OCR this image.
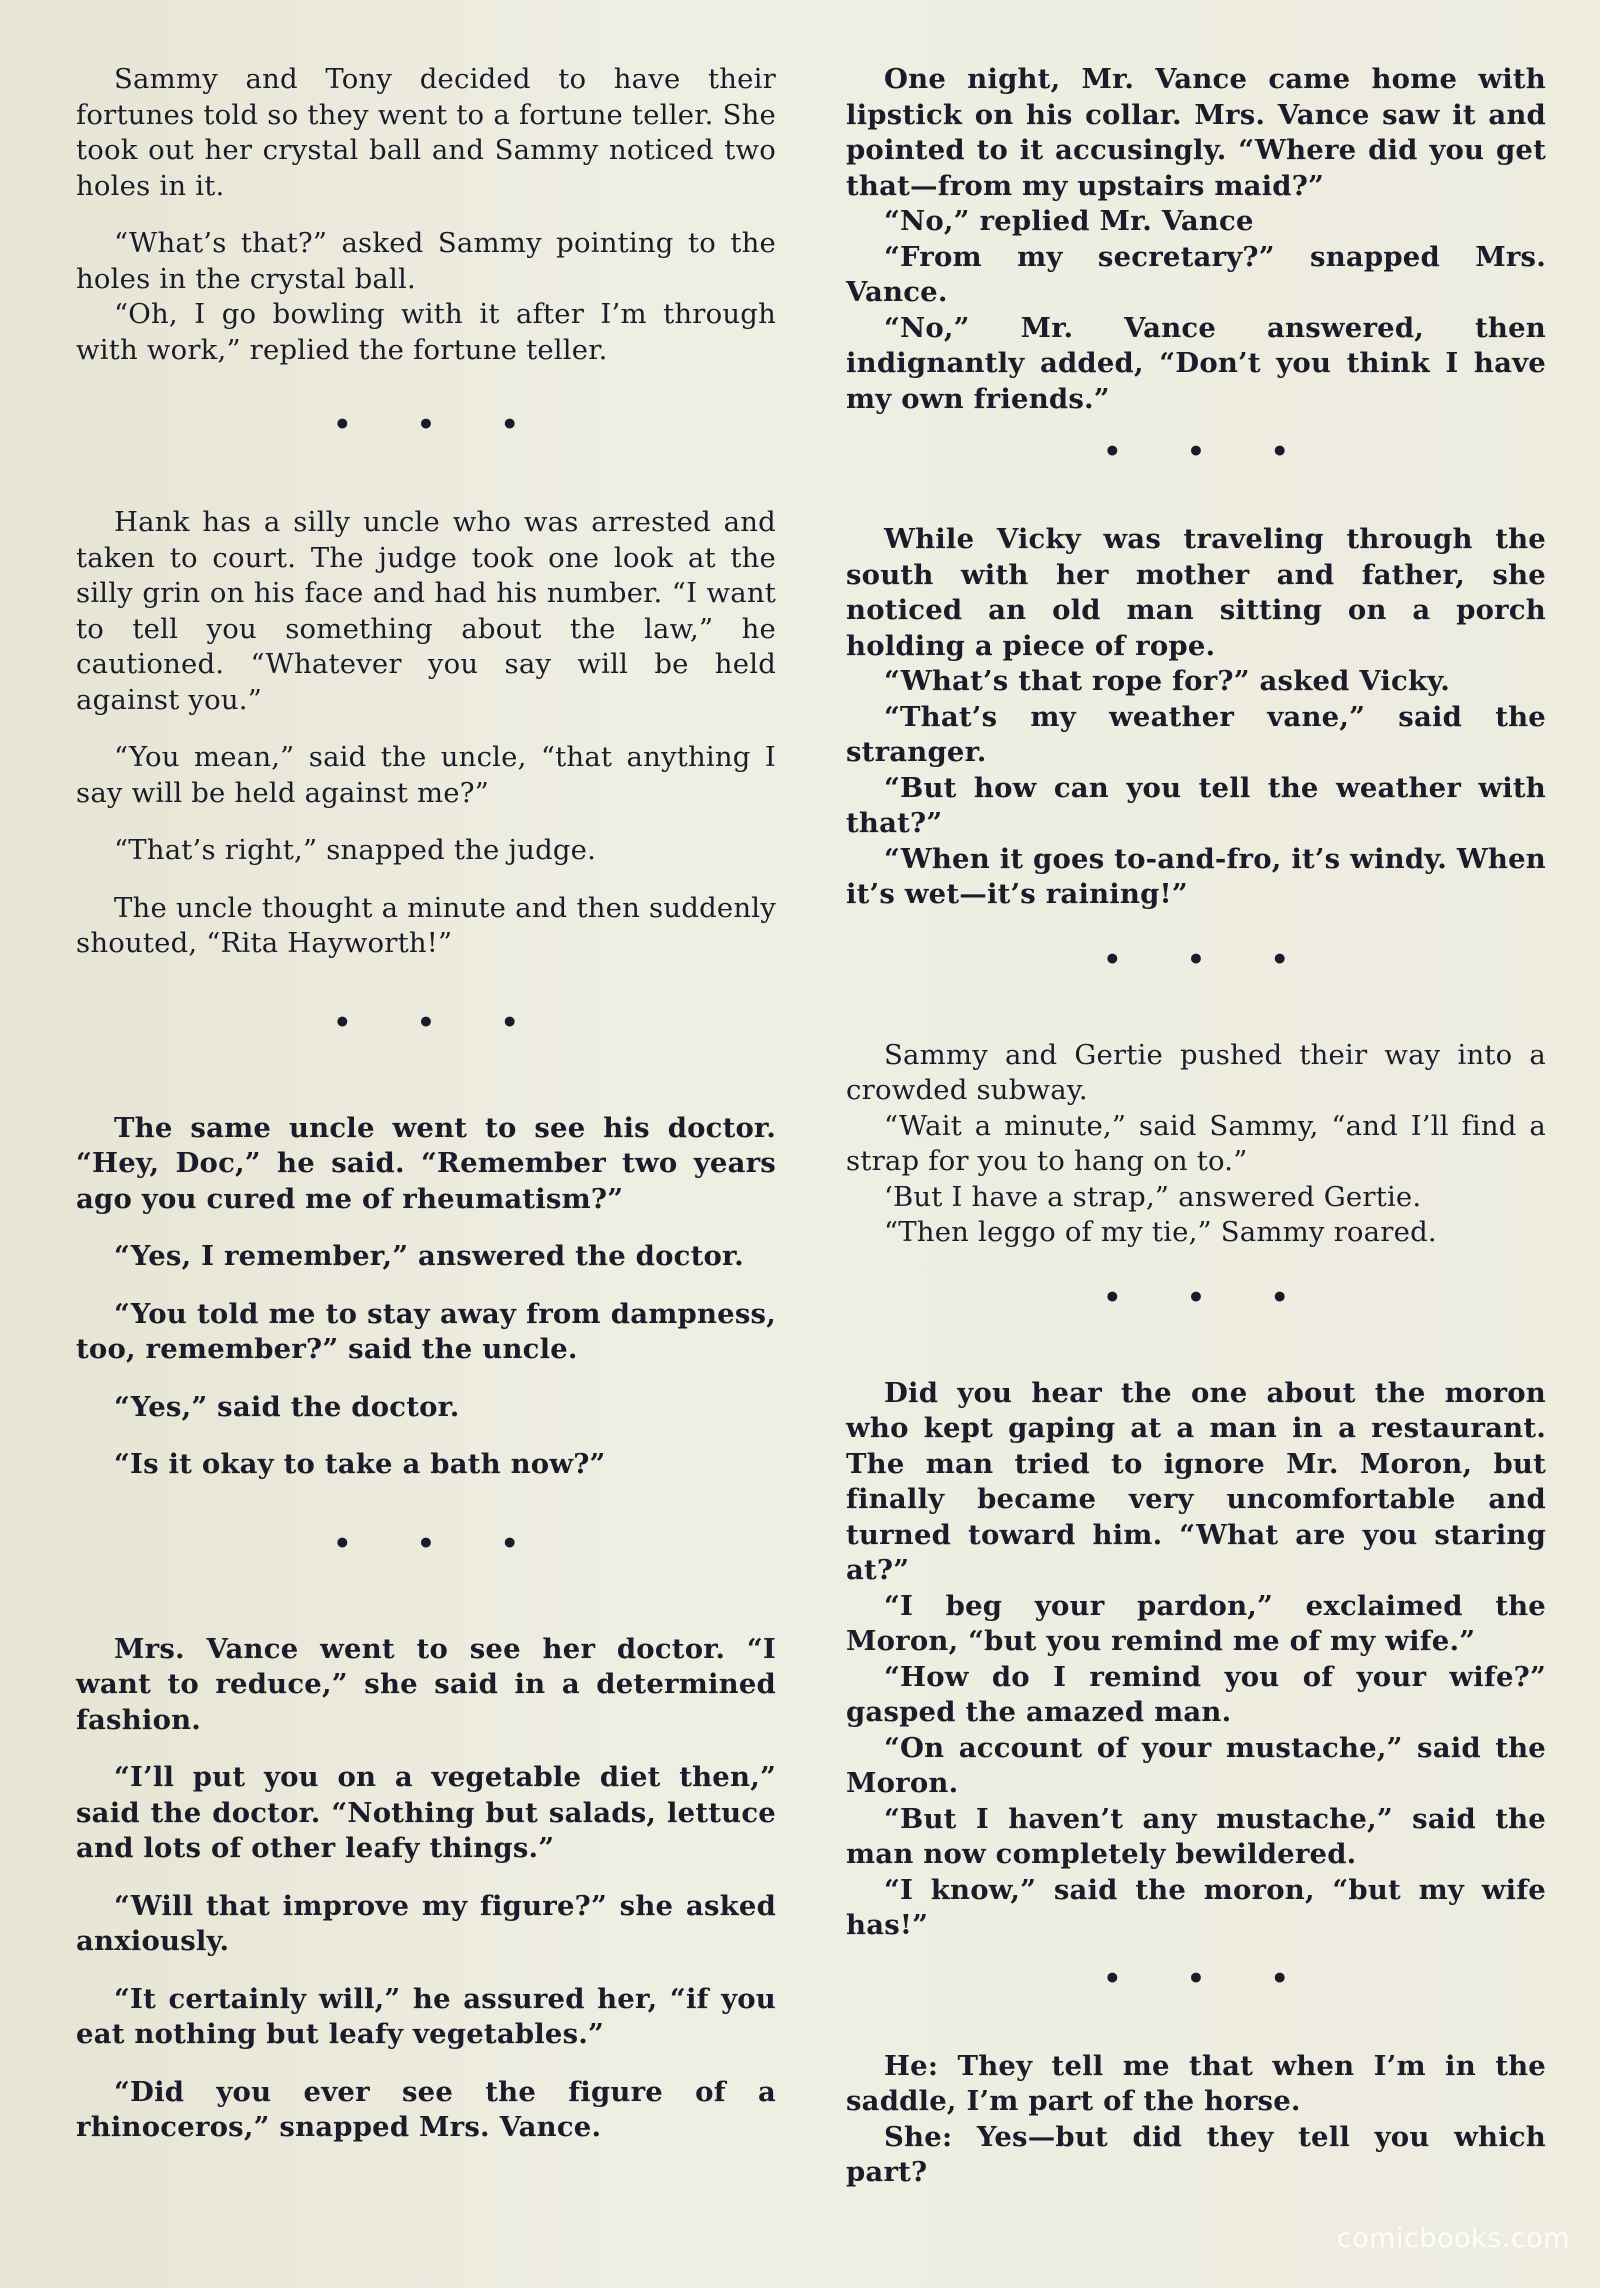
Sammy and Tony decided to have their fortunes told so they went to a fortune teller. She took out her crystal ball and Sammy noticed two holes in it.

“What’s that?” asked Sammy pointing to the holes in the crystal ball.

“Oh, I go bowling with it after I’m through with work,” replied the fortune teller.

• • •

Hank has a silly uncle who was arrested and taken to court. The judge took one look at the silly grin on his face and had his number. “I want to tell you something about the law,” he cautioned. “Whatever you say will be held against you.”

“You mean,” said the uncle, “that anything I say will be held against me?”

“That’s right,” snapped the judge.

The uncle thought a minute and then suddenly shouted, “Rita Hayworth!”

• • •

The same uncle went to see his doctor. “Hey, Doc,” he said. “Remember two years ago you cured me of rheumatism?”

“Yes, I remember,” answered the doctor.

“You told me to stay away from dampness, too, remember?” said the uncle.

“Yes,” said the doctor.

“Is it okay to take a bath now?”

• • •

Mrs. Vance went to see her doctor. “I want to reduce,” she said in a determined fashion.

“I’ll put you on a vegetable diet then,” said the doctor. “Nothing but salads, lettuce and lots of other leafy things.”

“Will that improve my figure?” she asked anxiously.

“It certainly will,” he assured her, “if you eat nothing but leafy vegetables.”

“Did you ever see the figure of a rhinoceros,” snapped Mrs. Vance.

One night, Mr. Vance came home with lipstick on his collar. Mrs. Vance saw it and pointed to it accusingly. “Where did you get that—from my upstairs maid?”

“No,” replied Mr. Vance

“From my secretary?” snapped Mrs. Vance.

“No,” Mr. Vance answered, then indignantly added, “Don’t you think I have my own friends.”

• • •

While Vicky was traveling through the south with her mother and father, she noticed an old man sitting on a porch holding a piece of rope.

“What’s that rope for?” asked Vicky.

“That’s my weather vane,” said the stranger.

“But how can you tell the weather with that?”

“When it goes to-and-fro, it’s windy. When it’s wet—it’s raining!”

• • •

Sammy and Gertie pushed their way into a crowded subway.

“Wait a minute,” said Sammy, “and I’ll find a strap for you to hang on to.”

‘But I have a strap,” answered Gertie.

“Then leggo of my tie,” Sammy roared.

• • •

Did you hear the one about the moron who kept gaping at a man in a restaurant. The man tried to ignore Mr. Moron, but finally became very uncomfortable and turned toward him. “What are you staring at?”

“I beg your pardon,” exclaimed the Moron, “but you remind me of my wife.”

“How do I remind you of your wife?” gasped the amazed man.

“On account of your mustache,” said the Moron.

“But I haven’t any mustache,” said the man now completely bewildered.

“I know,” said the moron, “but my wife has!”

• • •

He: They tell me that when I’m in the saddle, I’m part of the horse.

She: Yes—but did they tell you which part?

comicbooks.com
